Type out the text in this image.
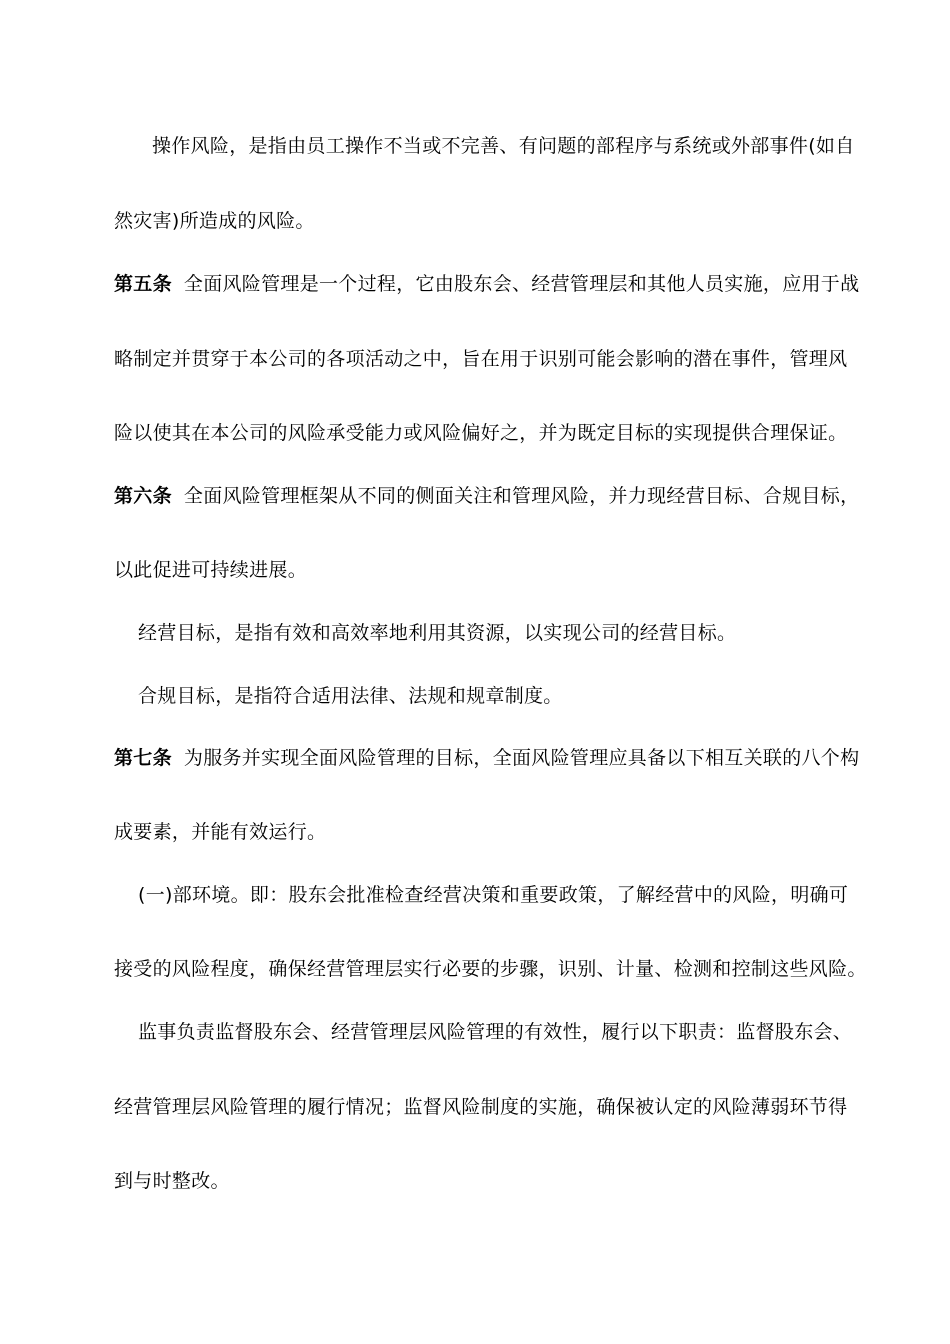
操作风险，是指由员工操作不当或不完善、有问题的部程序与系统或外部事件(如自
然灾害)所造成的风险。
第五条 全面风险管理是一个过程，它由股东会、经营管理层和其他人员实施，应用于战
略制定并贯穿于本公司的各项活动之中，旨在用于识别可能会影响的潜在事件，管理风
险以使其在本公司的风险承受能力或风险偏好之，并为既定目标的实现提供合理保证。
第六条 全面风险管理框架从不同的侧面关注和管理风险，并力现经营目标、合规目标，
以此促进可持续进展。
经营目标，是指有效和高效率地利用其资源，以实现公司的经营目标。
合规目标，是指符合适用法律、法规和规章制度。
第七条 为服务并实现全面风险管理的目标，全面风险管理应具备以下相互关联的八个构
成要素，并能有效运行。
(一)部环境。即：股东会批准检查经营决策和重要政策，了解经营中的风险，明确可
接受的风险程度，确保经营管理层实行必要的步骤，识别、计量、检测和控制这些风险。
监事负责监督股东会、经营管理层风险管理的有效性，履行以下职责：监督股东会、
经营管理层风险管理的履行情况；监督风险制度的实施，确保被认定的风险薄弱环节得
到与时整改。
